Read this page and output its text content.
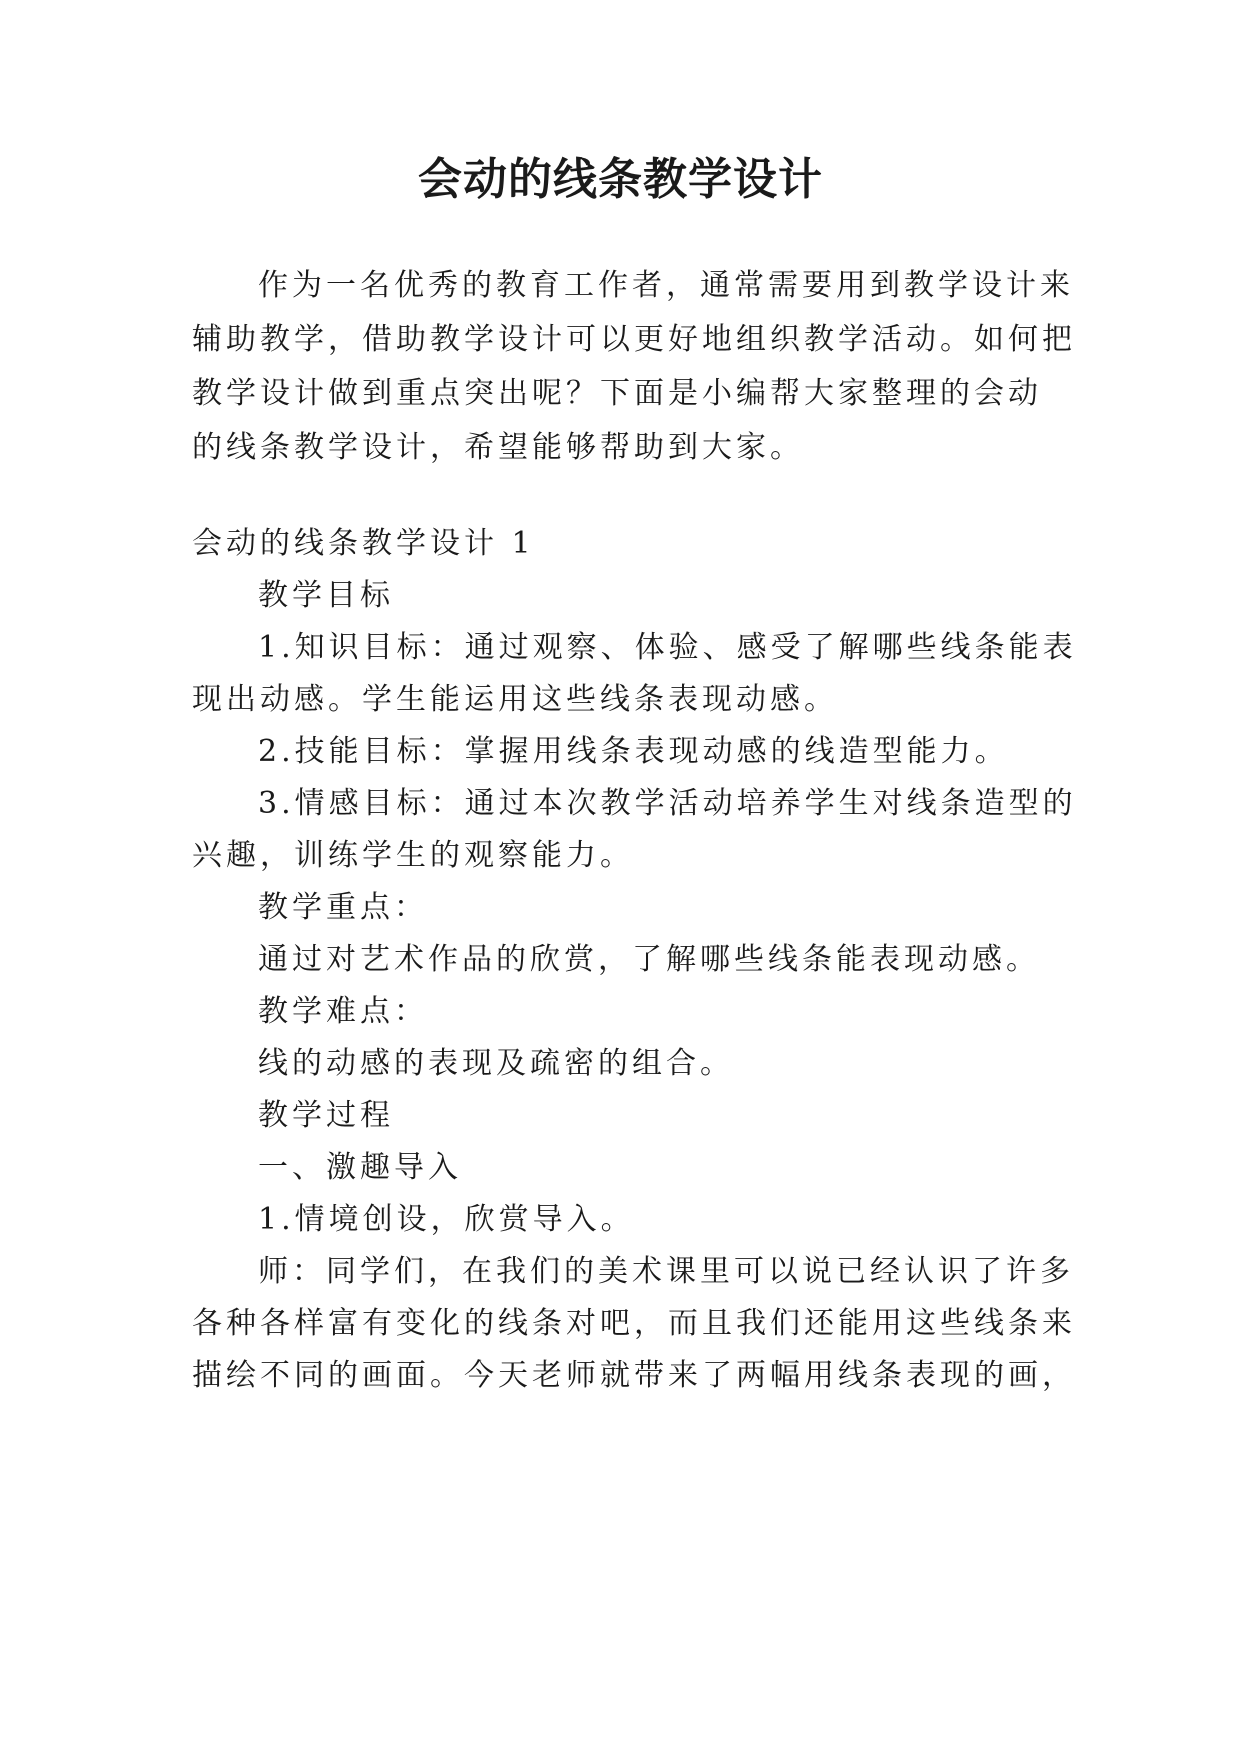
会动的线条教学设计
作为一名优秀的教育工作者，通常需要用到教学设计来
辅助教学，借助教学设计可以更好地组织教学活动。如何把
教学设计做到重点突出呢？下面是小编帮大家整理的会动
的线条教学设计，希望能够帮助到大家。
会动的线条教学设计 1
教学目标
1.知识目标：通过观察、体验、感受了解哪些线条能表
现出动感。学生能运用这些线条表现动感。
2.技能目标：掌握用线条表现动感的线造型能力。
3.情感目标：通过本次教学活动培养学生对线条造型的
兴趣，训练学生的观察能力。
教学重点：
通过对艺术作品的欣赏，了解哪些线条能表现动感。
教学难点：
线的动感的表现及疏密的组合。
教学过程
一、激趣导入
1.情境创设，欣赏导入。
师：同学们，在我们的美术课里可以说已经认识了许多
各种各样富有变化的线条对吧，而且我们还能用这些线条来
描绘不同的画面。今天老师就带来了两幅用线条表现的画，
